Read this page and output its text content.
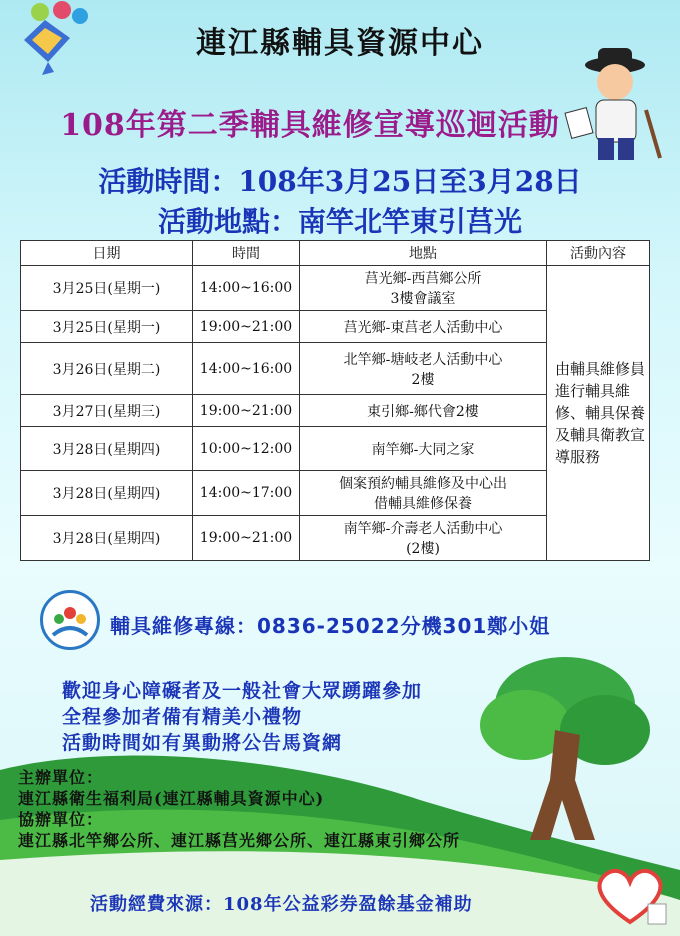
連江縣輔具資源中心
108年第二季輔具維修宣導巡迴活動
活動時間：108年3月25日至3月28日
活動地點：南竿北竿東引莒光
日期	時間	地點	活動內容
3月25日(星期一)	14:00~16:00	莒光鄉-西莒鄉公所
3樓會議室	由輔具維修員進行輔具維修、輔具保養及輔具衛教宣導服務
3月25日(星期一)	19:00~21:00	莒光鄉-東莒老人活動中心	
3月26日(星期二)	14:00~16:00	北竿鄉-塘岐老人活動中心
2樓	
3月27日(星期三)	19:00~21:00	東引鄉-鄉代會2樓	
3月28日(星期四)	10:00~12:00	南竿鄉-大同之家	
3月28日(星期四)	14:00~17:00	個案預約輔具維修及中心出
借輔具維修保養	
3月28日(星期四)	19:00~21:00	南竿鄉-介壽老人活動中心
(2樓)	
輔具維修專線：0836-25022分機301鄭小姐
歡迎身心障礙者及一般社會大眾踴躍參加
全程參加者備有精美小禮物
活動時間如有異動將公告馬資網
主辦單位：
連江縣衛生福利局(連江縣輔具資源中心)
協辦單位：
連江縣北竿鄉公所、連江縣莒光鄉公所、連江縣東引鄉公所
活動經費來源：108年公益彩券盈餘基金補助
